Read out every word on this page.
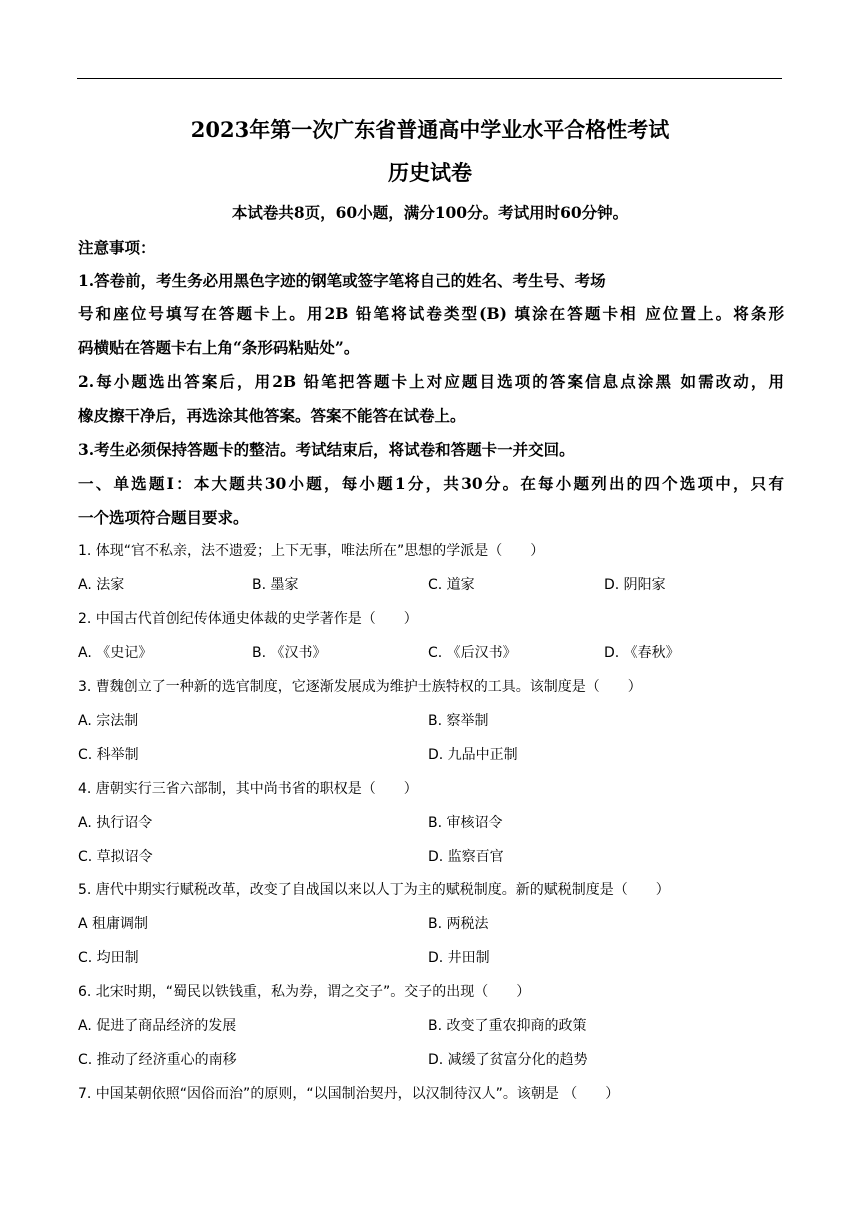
2023年第一次广东省普通高中学业水平合格性考试
历史试卷
本试卷共8页，60小题，满分100分。考试用时60分钟。
注意事项：
1.答卷前，考生务必用黑色字迹的钢笔或签字笔将自己的姓名、考生号、考场
号和座位号填写在答题卡上。用2B 铅笔将试卷类型(B) 填涂在答题卡相 应位置上。将条形
码横贴在答题卡右上角“条形码粘贴处”。
2.每小题选出答案后，用2B 铅笔把答题卡上对应题目选项的答案信息点涂黑 如需改动，用
橡皮擦干净后，再选涂其他答案。答案不能答在试卷上。
3.考生必须保持答题卡的整洁。考试结束后，将试卷和答题卡一并交回。
一、单选题Ⅰ：本大题共30小题，每小题1分，共30分。在每小题列出的四个选项中，只有
一个选项符合题目要求。
1. 体现“官不私亲，法不遗爱；上下无事，唯法所在”思想的学派是（　　）
A. 法家	B. 墨家	C. 道家	D. 阴阳家
2. 中国古代首创纪传体通史体裁的史学著作是（　　）
A. 《史记》	B. 《汉书》	C. 《后汉书》	D. 《春秋》
3. 曹魏创立了一种新的选官制度，它逐渐发展成为维护士族特权的工具。该制度是（　　）
A. 宗法制	B. 察举制
C. 科举制	D. 九品中正制
4. 唐朝实行三省六部制，其中尚书省的职权是（　　）
A. 执行诏令	B. 审核诏令
C. 草拟诏令	D. 监察百官
5. 唐代中期实行赋税改革，改变了自战国以来以人丁为主的赋税制度。新的赋税制度是（　　）
A 租庸调制	B. 两税法
C. 均田制	D. 井田制
6. 北宋时期，“蜀民以铁钱重，私为券，谓之交子”。交子的出现（　　）
A. 促进了商品经济的发展	B. 改变了重农抑商的政策
C. 推动了经济重心的南移	D. 减缓了贫富分化的趋势
7. 中国某朝依照“因俗而治”的原则，“以国制治契丹，以汉制待汉人”。该朝是 （　　）
